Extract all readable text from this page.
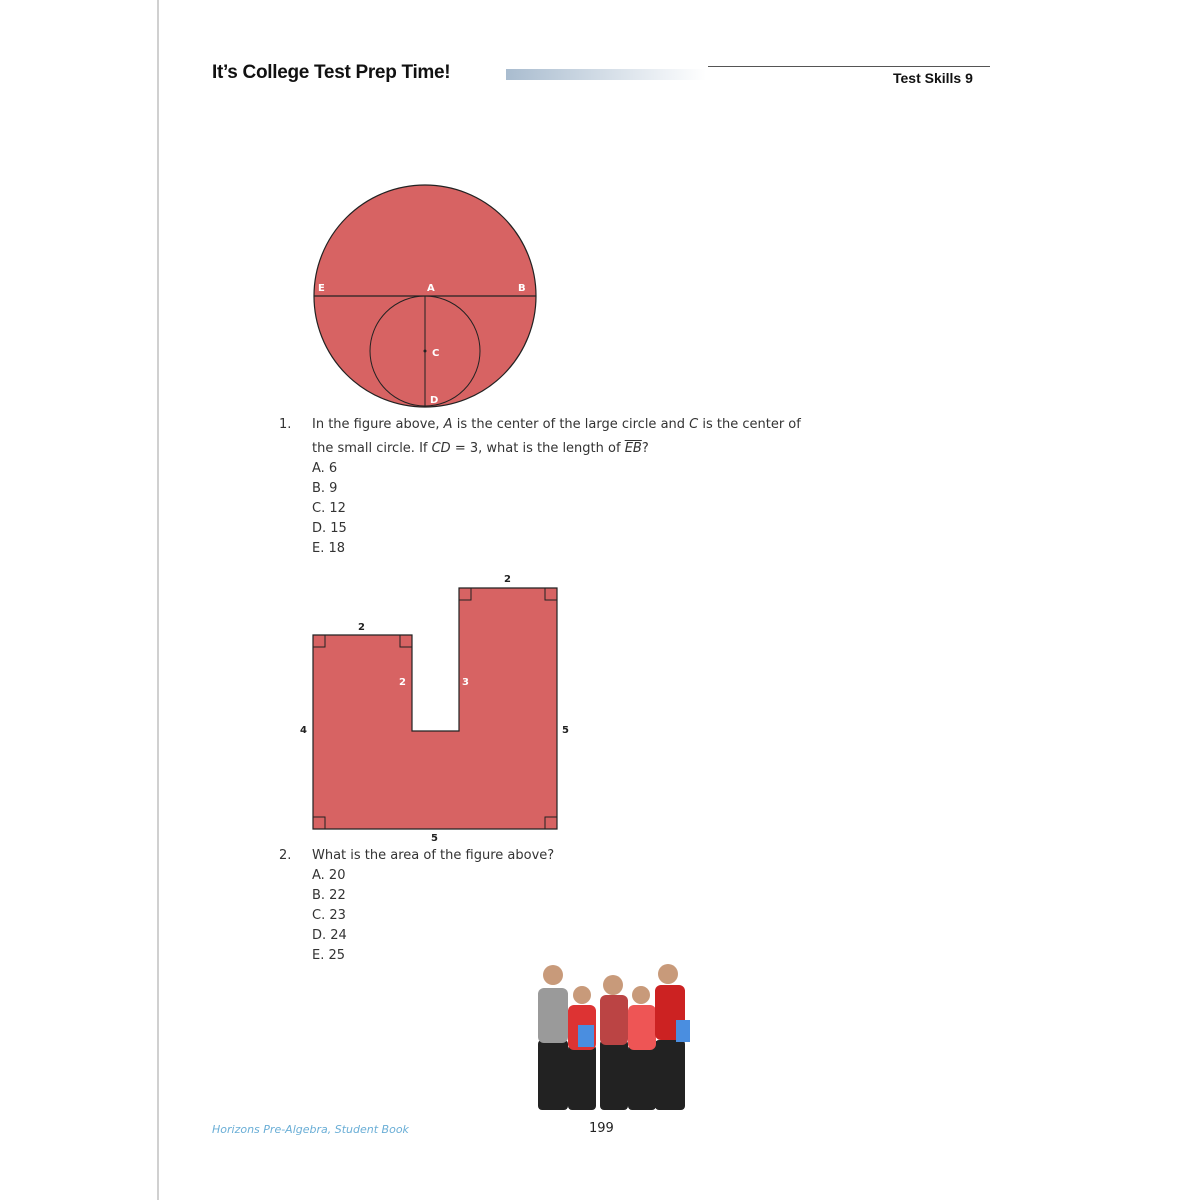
It’s College Test Prep Time!	Test Skills 9
E	A	B
C
D
2
2
4	5
5
2	3
1. In the figure above, A is the center of the large circle and C is the center of
the small circle. If CD = 3, what is the length of $\overline{EB}$?
A. 6
B. 9
C. 12
D. 15
E. 18
2. What is the area of the figure above?
A. 20
B. 22
C. 23
D. 24
E. 25
Horizons Pre-Algebra, Student Book	199
